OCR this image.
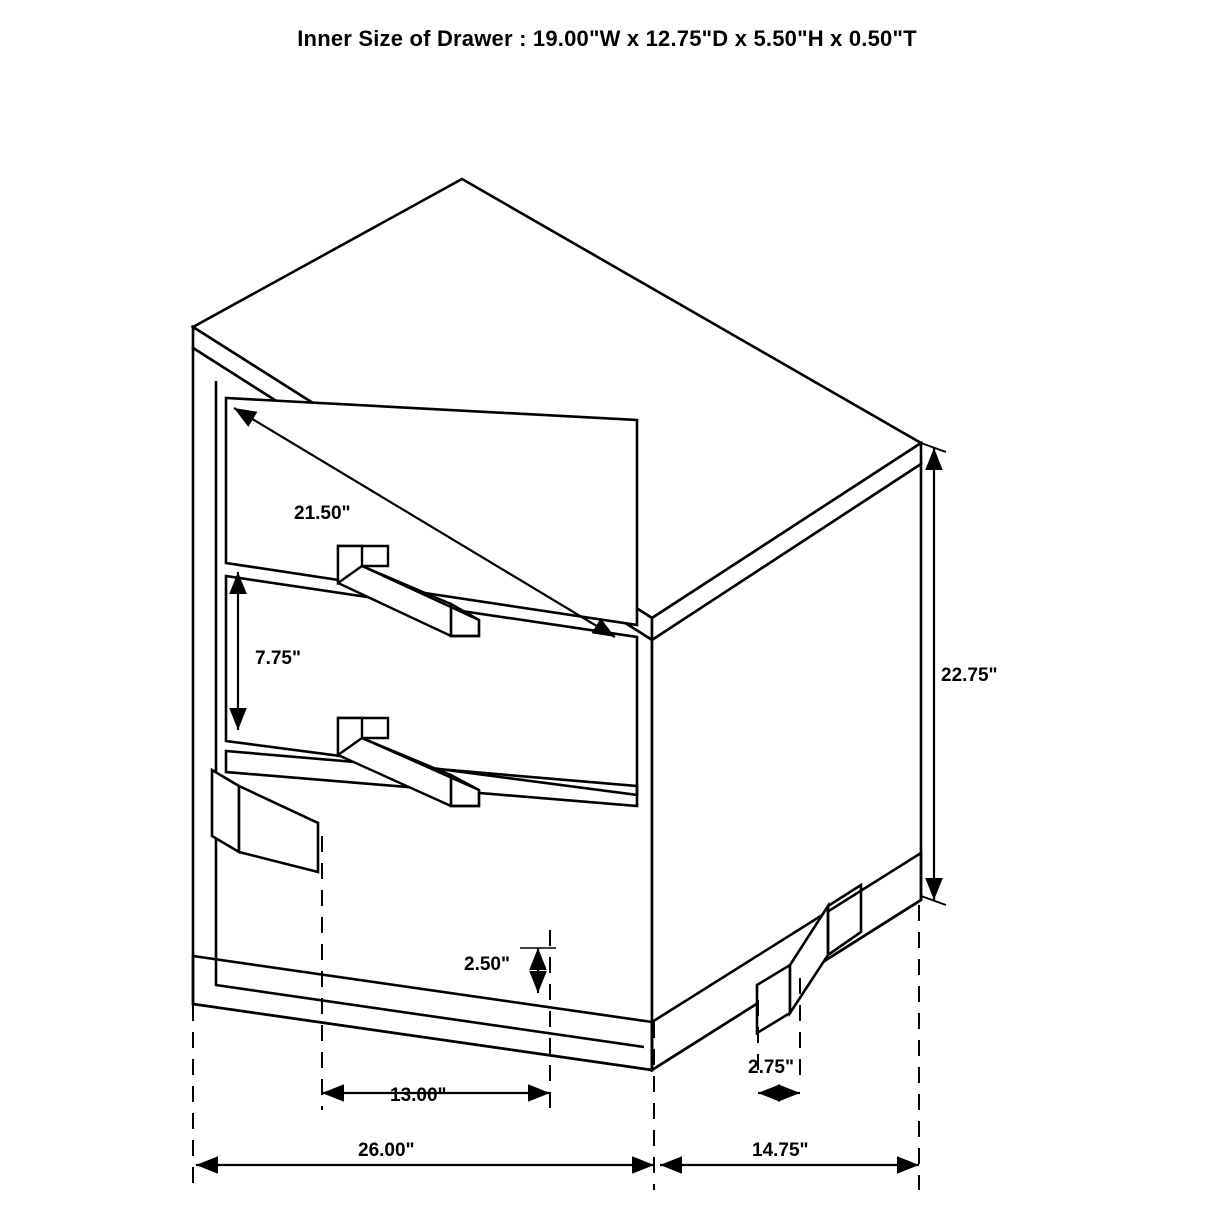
Inner Size of Drawer : 19.00"W x 12.75"D x 5.50"H x 0.50"T
21.50"
7.75"
22.75"
2.50"
13.00"
2.75"
26.00"	14.75"
